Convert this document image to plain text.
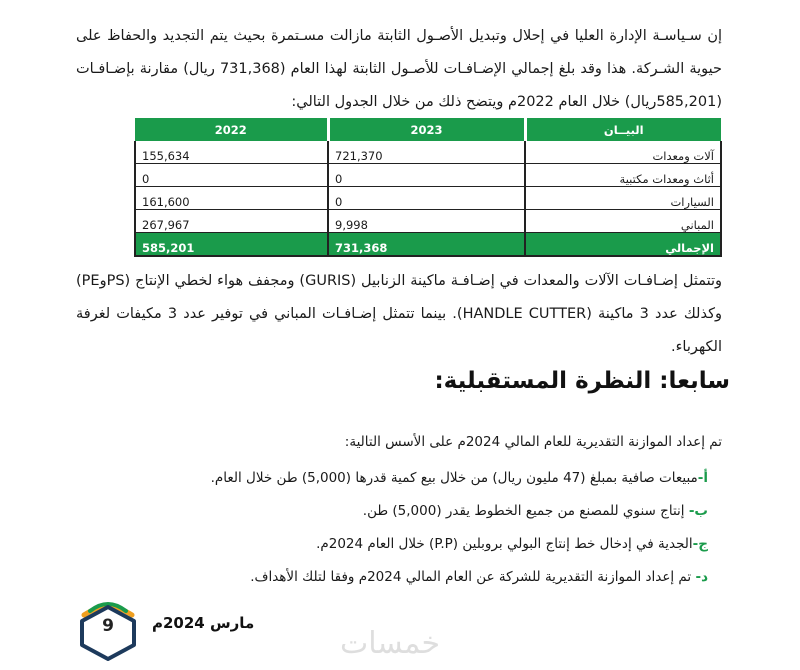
إن سـياسـة الإدارة العليا في إحلال وتبديل الأصـول الثابتة مازالت مسـتمرة بحيث يتم التجديد والحفاظ على حيوية الشـركة. هذا وقد بلغ إجمالي الإضـافـات للأصـول الثابتة لهذا العام (731,368 ريال) مقارنة بإضـافـات (585,201ريال) خلال العام 2022م ويتضح ذلك من خلال الجدول التالي:

البيــان	2023	2022
آلات ومعدات	721,370	155,634
أثاث ومعدات مكتبية	0	0
السيارات	0	161,600
المباني	9,998	267,967
الإجمالي	731,368	585,201

وتتمثل إضـافـات الآلات والمعدات في إضـافـة ماكينة الزنابيل (GURIS) ومجفف هواء لخطي الإنتاج (PSوPE) وكذلك عدد 3 ماكينة (HANDLE CUTTER). بينما تتمثل إضـافـات المباني في توفير عدد 3 مكيفات لغرفة الكهرباء.

سابعا: النظرة المستقبلية:

تم إعداد الموازنة التقديرية للعام المالي 2024م على الأسس التالية:

أ-مبيعات صافية بمبلغ (47 مليون ريال) من خلال بيع كمية قدرها (5,000) طن خلال العام.
ب- إنتاج سنوي للمصنع من جميع الخطوط يقدر (5,000) طن.
ج-الجدية في إدخال خط إنتاج البولي بروبلين (P.P) خلال العام 2024م.
د- تم إعداد الموازنة التقديرية للشركة عن العام المالي 2024م وفقا لتلك الأهداف.
مارس 2024م
9	خمسات
